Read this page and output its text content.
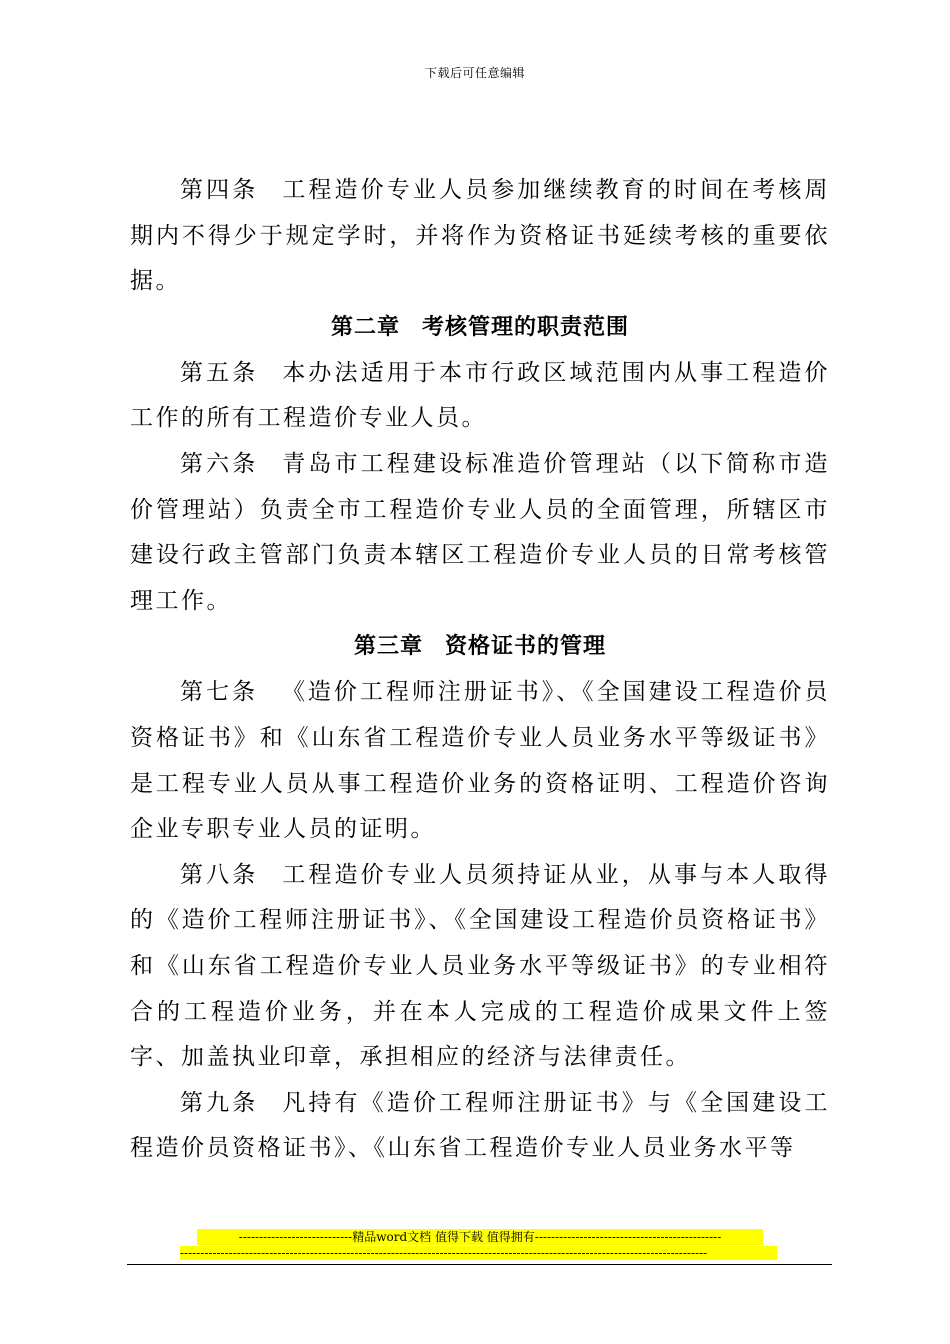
下载后可任意编辑

第四条 工程造价专业人员参加继续教育的时间在考核周期内不得少于规定学时，并将作为资格证书延续考核的重要依据。

第二章 考核管理的职责范围

第五条 本办法适用于本市行政区域范围内从事工程造价工作的所有工程造价专业人员。

第六条 青岛市工程建设标准造价管理站（以下简称市造价管理站）负责全市工程造价专业人员的全面管理，所辖区市建设行政主管部门负责本辖区工程造价专业人员的日常考核管理工作。

第三章 资格证书的管理

第七条 《造价工程师注册证书》、《全国建设工程造价员资格证书》和《山东省工程造价专业人员业务水平等级证书》是工程专业人员从事工程造价业务的资格证明、工程造价咨询企业专职专业人员的证明。

第八条 工程造价专业人员须持证从业，从事与本人取得的《造价工程师注册证书》、《全国建设工程造价员资格证书》和《山东省工程造价专业人员业务水平等级证书》的专业相符合的工程造价业务，并在本人完成的工程造价成果文件上签字、加盖执业印章，承担相应的经济与法律责任。

第九条 凡持有《造价工程师注册证书》与《全国建设工程造价员资格证书》、《山东省工程造价专业人员业务水平等

----------------------------精品word文档 值得下载 值得拥有----------------------------------------------
----------------------------------------------------------------------------------------------------------------------------------
